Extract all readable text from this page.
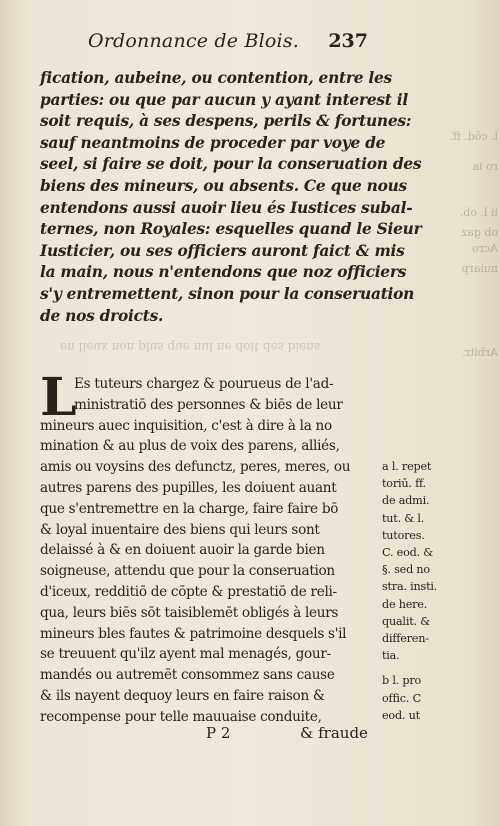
Ordonnance de Blois. 237
fication, aubeine, ou contention, entre les
parties: ou que par aucun y ayant interest il
soit requis, à ses despens, perils & fortunes:
sauf neantmoins de proceder par voye de
seel, si faire se doit, pour la conseruation des
biens des mineurs, ou absents. Ce que nous
entendons aussi auoir lieu és Iustices subal-
ternes, non Royales: esquelles quand le Sieur
Iusticier, ou ses officiers auront faict & mis
la main, nous n'entendons que noz officiers
s'y entremettent, sinon pour la conseruation
de nos droicts.
en lieux non plus que nul ne doit des biens
l. cōd. ff.
ro ia
ii l. ob.
ob gaz
Acro
nuiarp
Arbitr.
L
Es tuteurs chargez & pourueus de l'ad-
ministratiō des personnes & biēs de leur
mineurs auec inquisition, c'est à dire à la no
mination & au plus de voix des parens, alliés,
amis ou voysins des defunctz, peres, meres, ou
autres parens des pupilles, les doiuent auant
que s'entremettre en la charge, faire faire bō
& loyal inuentaire des biens qui leurs sont
delaissé à & en doiuent auoir la garde bien
soigneuse, attendu que pour la conseruation
d'iceux, redditiō de cōpte & prestatiō de reli-
qua, leurs biēs sōt taisiblemēt obligés à leurs
mineurs bles fautes & patrimoine desquels s'il
se treuuent qu'ilz ayent mal menagés, gour-
mandés ou autremēt consommez sans cause
& ils nayent dequoy leurs en faire raison &
recompense pour telle mauuaise conduite,
a l. repet
toriū. ff.
de admi.
tut. & l.
tutores.
C. eod. &
§. sed no
stra. insti.
de here.
qualit. &
differen-
tia.
b l. pro
offic. C
eod. ut
P 2	& fraude
